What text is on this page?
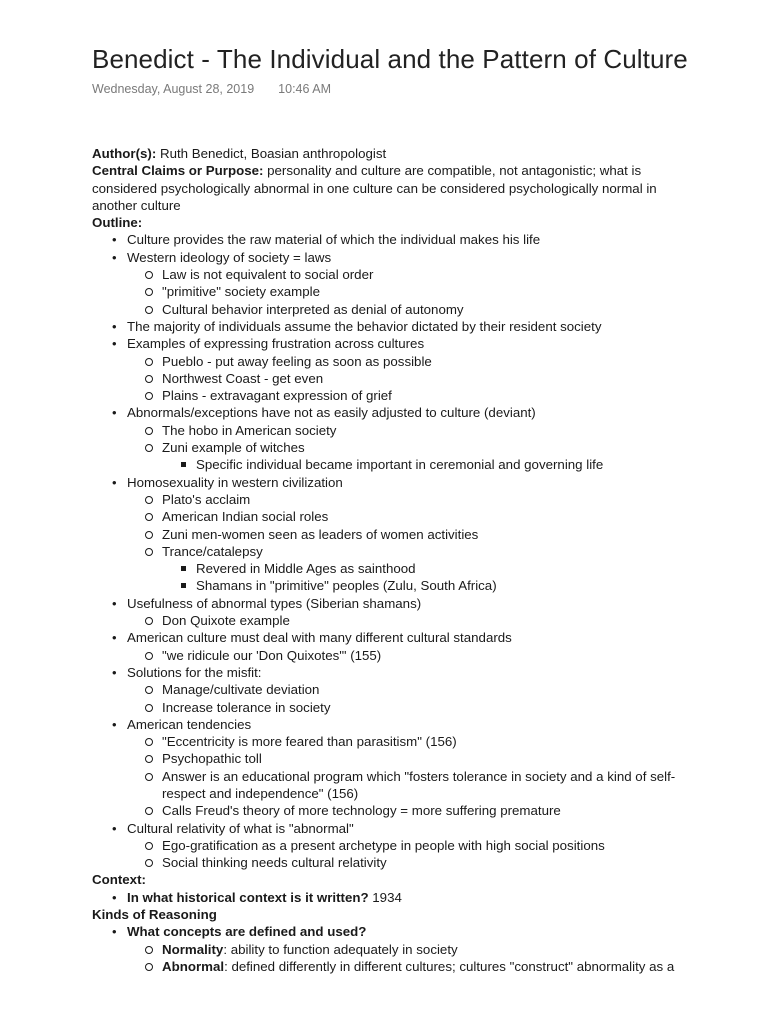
Benedict - The Individual and the Pattern of Culture
Wednesday, August 28, 2019 10:46 AM

Author(s): Ruth Benedict, Boasian anthropologist

Central Claims or Purpose: personality and culture are compatible, not antagonistic; what is considered psychologically abnormal in one culture can be considered psychologically normal in another culture

Outline:

• Culture provides the raw material of which the individual makes his life
• Western ideology of society = laws
Law is not equivalent to social order
"primitive" society example
Cultural behavior interpreted as denial of autonomy
• The majority of individuals assume the behavior dictated by their resident society
• Examples of expressing frustration across cultures
Pueblo - put away feeling as soon as possible
Northwest Coast - get even
Plains - extravagant expression of grief
• Abnormals/exceptions have not as easily adjusted to culture (deviant)
The hobo in American society
Zuni example of witches
Specific individual became important in ceremonial and governing life
• Homosexuality in western civilization
Plato's acclaim
American Indian social roles
Zuni men-women seen as leaders of women activities
Trance/catalepsy
Revered in Middle Ages as sainthood
Shamans in "primitive" peoples (Zulu, South Africa)
• Usefulness of abnormal types (Siberian shamans)
Don Quixote example
• American culture must deal with many different cultural standards
"we ridicule our 'Don Quixotes'" (155)
• Solutions for the misfit:
Manage/cultivate deviation
Increase tolerance in society
• American tendencies
"Eccentricity is more feared than parasitism" (156)
Psychopathic toll
Answer is an educational program which "fosters tolerance in society and a kind of self-respect and independence" (156)
Calls Freud's theory of more technology = more suffering premature
• Cultural relativity of what is "abnormal"
Ego-gratification as a present archetype in people with high social positions
Social thinking needs cultural relativity

Context:

• In what historical context is it written? 1934

Kinds of Reasoning

• What concepts are defined and used?
Normality: ability to function adequately in society
Abnormal: defined differently in different cultures; cultures "construct" abnormality as a
